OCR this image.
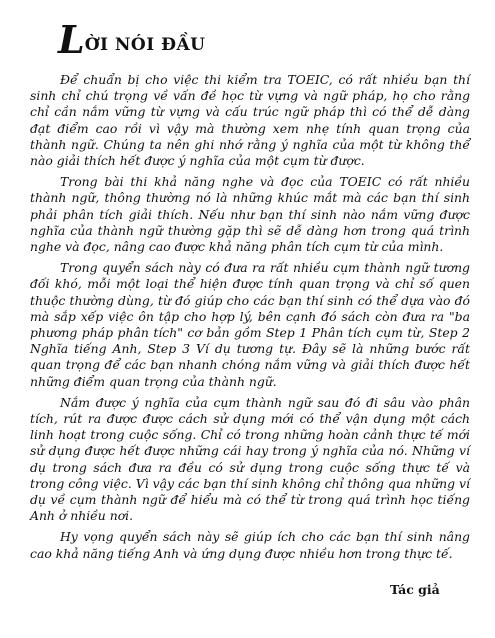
L ỜI NÓI ĐẦU

Để chuẩn bị cho việc thi kiểm tra TOEIC, có rất nhiều bạn thí sinh chỉ chú trọng về vấn đề học từ vựng và ngữ pháp, họ cho rằng chỉ cần nắm vững từ vựng và cấu trúc ngữ pháp thì có thể dễ dàng đạt điểm cao rồi vì vậy mà thường xem nhẹ tính quan trọng của thành ngữ. Chúng ta nên ghi nhớ rằng ý nghĩa của một từ không thể nào giải thích hết được ý nghĩa của một cụm từ được.

Trong bài thi khả năng nghe và đọc của TOEIC có rất nhiều thành ngữ, thông thường nó là những khúc mắt mà các bạn thí sinh phải phân tích giải thích. Nếu như bạn thí sinh nào nắm vững được nghĩa của thành ngữ thường gặp thì sẽ dễ dàng hơn trong quá trình nghe và đọc, nâng cao được khả năng phân tích cụm từ của mình.

Trong quyển sách này có đưa ra rất nhiều cụm thành ngữ tương đối khó, mỗi một loại thể hiện được tính quan trọng và chỉ số quen thuộc thường dùng, từ đó giúp cho các bạn thí sinh có thể dựa vào đó mà sắp xếp việc ôn tập cho hợp lý, bên cạnh đó sách còn đưa ra "ba phương pháp phân tích" cơ bản gồm Step 1 Phân tích cụm từ, Step 2 Nghĩa tiếng Anh, Step 3 Ví dụ tương tự. Đây sẽ là những bước rất quan trọng để các bạn nhanh chóng nắm vững và giải thích được hết những điểm quan trọng của thành ngữ.

Nắm được ý nghĩa của cụm thành ngữ sau đó đi sâu vào phân tích, rút ra được được cách sử dụng mới có thể vận dụng một cách linh hoạt trong cuộc sống. Chỉ có trong những hoàn cảnh thực tế mới sử dụng được hết được những cái hay trong ý nghĩa của nó. Những ví dụ trong sách đưa ra đều có sử dụng trong cuộc sống thực tế và trong công việc. Vì vậy các bạn thí sinh không chỉ thông qua những ví dụ về cụm thành ngữ để hiểu mà có thể từ trong quá trình học tiếng Anh ở nhiều nơi.

Hy vọng quyển sách này sẽ giúp ích cho các bạn thí sinh nâng cao khả năng tiếng Anh và ứng dụng được nhiều hơn trong thực tế.

Tác giả
